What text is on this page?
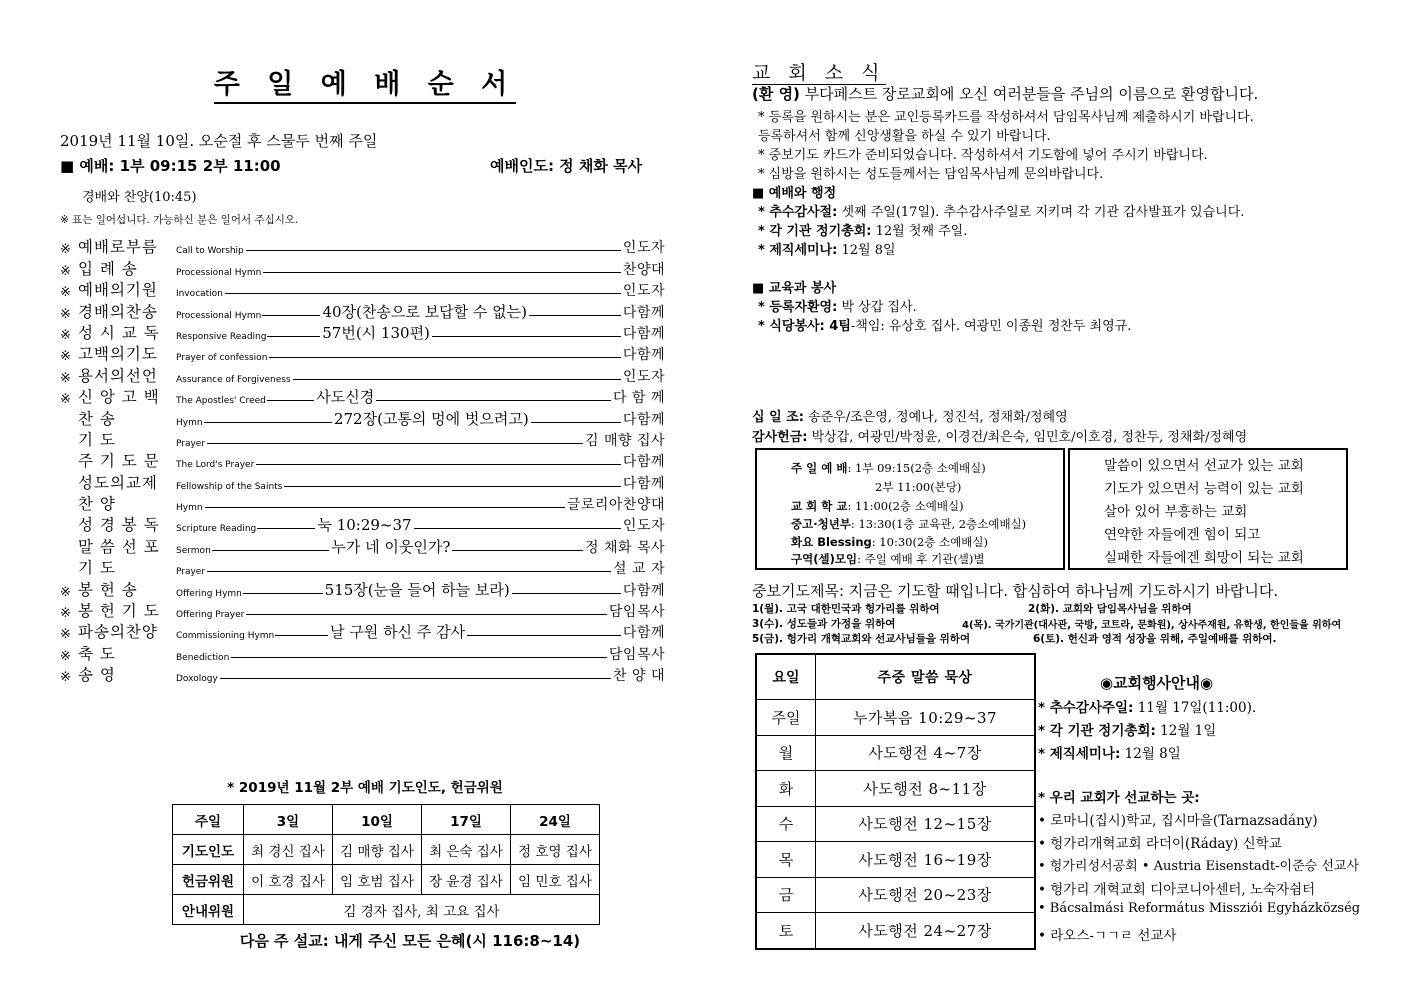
주 일 예 배 순 서
2019년 11월 10일. 오순절 후 스물두 번째 주일
■ 예배: 1부 09:15 2부 11:00	예배인도: 정 채화 목사
경배와 찬양(10:45)
※ 표는 일어섭니다. 가능하신 분은 일어서 주십시오.
※ 예배로부름	Call to Worship	인도자
※ 입 례 송	Processional Hymn	찬양대
※ 예배의기원	Invocation	인도자
※ 경배의찬송	Processional Hymn	40장(찬송으로 보답할 수 없는)	다함께
※ 성 시 교 독	Responsive Reading	57번(시 130편)	다함께
※ 고백의기도	Prayer of confession	다함께
※ 용서의선언	Assurance of Forgiveness	인도자
※ 신 앙 고 백	The Apostles' Creed	사도신경	다 함 께
찬 송	Hymn	272장(고통의 멍에 벗으려고)	다함께
기 도	Prayer	김 매향 집사
주 기 도 문	The Lord's Prayer	다함께
성도의교제	Fellowship of the Saints	다함께
찬 양	Hymn	글로리아찬양대
성 경 봉 독	Scripture Reading	눅 10:29~37	인도자
말 씀 선 포	Sermon	누가 네 이웃인가?	정 채화 목사
기 도	Prayer	설 교 자
※ 봉 헌 송	Offering Hymn	515장(눈을 들어 하늘 보라)	다함께
※ 봉 헌 기 도	Offering Prayer	담임목사
※ 파송의찬양	Commissioning Hymn	날 구원 하신 주 감사	다함께
※ 축 도	Benediction	담임목사
※ 송 영	Doxology	찬 양 대
* 2019년 11월 2부 예배 기도인도, 헌금위원
주일	3일	10일	17일	24일
기도인도	최 경신 집사	김 매향 집사	최 은숙 집사	정 호영 집사
헌금위원	이 호경 집사	임 호범 집사	장 윤경 집사	임 민호 집사
안내위원	김 경자 집사, 최 고요 집사			
다음 주 설교: 내게 주신 모든 은혜(시 116:8~14)
교 회 소 식
(환 영) 부다페스트 장로교회에 오신 여러분들을 주님의 이름으로 환영합니다.
* 등록을 원하시는 분은 교인등록카드를 작성하셔서 담임목사님께 제출하시기 바랍니다.
등록하셔서 함께 신앙생활을 하실 수 있기 바랍니다.
* 중보기도 카드가 준비되었습니다. 작성하셔서 기도함에 넣어 주시기 바랍니다.
* 심방을 원하시는 성도들께서는 담임목사님께 문의바랍니다.
■ 예배와 행정
* 추수감사절: 셋째 주일(17일). 추수감사주일로 지키며 각 기관 감사발표가 있습니다.
* 각 기관 정기총회: 12월 첫째 주일.
* 제직세미나: 12월 8일
■ 교육과 봉사
* 등록자환영: 박 상갑 집사.
* 식당봉사: 4팀-책임: 유상호 집사. 여광민 이종원 정찬두 최영규.
십 일 조: 송준우/조은영, 정예나, 정진석, 정채화/정혜영
감사헌금: 박상갑, 여광민/박정윤, 이경건/최은숙, 임민호/이호경, 정찬두, 정채화/정혜영
주 일 예 배: 1부 09:15(2층 소예배실)
2부 11:00(본당)
교 회 학 교: 11:00(2층 소예배실)
중고·청년부: 13:30(1층 교육관, 2층소예배실)
화요 Blessing: 10:30(2층 소예배실)
구역(셀)모임: 주일 예배 후 기관(셀)별
말씀이 있으면서 선교가 있는 교회
기도가 있으면서 능력이 있는 교회
살아 있어 부흥하는 교회
연약한 자들에겐 힘이 되고
실패한 자들에겐 희망이 되는 교회
중보기도제목: 지금은 기도할 때입니다. 합심하여 하나님께 기도하시기 바랍니다.
1(월). 고국 대한민국과 헝가리를 위하여	2(화). 교회와 담임목사님을 위하여
3(수). 성도들과 가정을 위하여	4(목). 국가기관(대사관, 국방, 코트라, 문화원), 상사주재원, 유학생, 한인들을 위하여
5(금). 헝가리 개혁교회와 선교사님들을 위하여	6(토). 헌신과 영적 성장을 위해, 주일예배를 위하여.
요일	주중 말씀 묵상
주일	누가복음 10:29~37
월	사도행전 4~7장
화	사도행전 8~11장
수	사도행전 12~15장
목	사도행전 16~19장
금	사도행전 20~23장
토	사도행전 24~27장
◉교회행사안내◉
* 추수감사주일: 11월 17일(11:00).
* 각 기관 정기총회: 12월 1일
* 제직세미나: 12월 8일
* 우리 교회가 선교하는 곳:
• 로마니(집시)학교, 집시마을(Tarnazsadány)
• 헝가리개혁교회 라더이(Ráday) 신학교
• 헝가리성서공회 • Austria Eisenstadt-이준승 선교사
• 헝가리 개혁교회 디아코니아센터, 노숙자쉼터
• Bácsalmási Református Missziói Egyházközség
• 라오스-ㄱㄱㄹ 선교사
